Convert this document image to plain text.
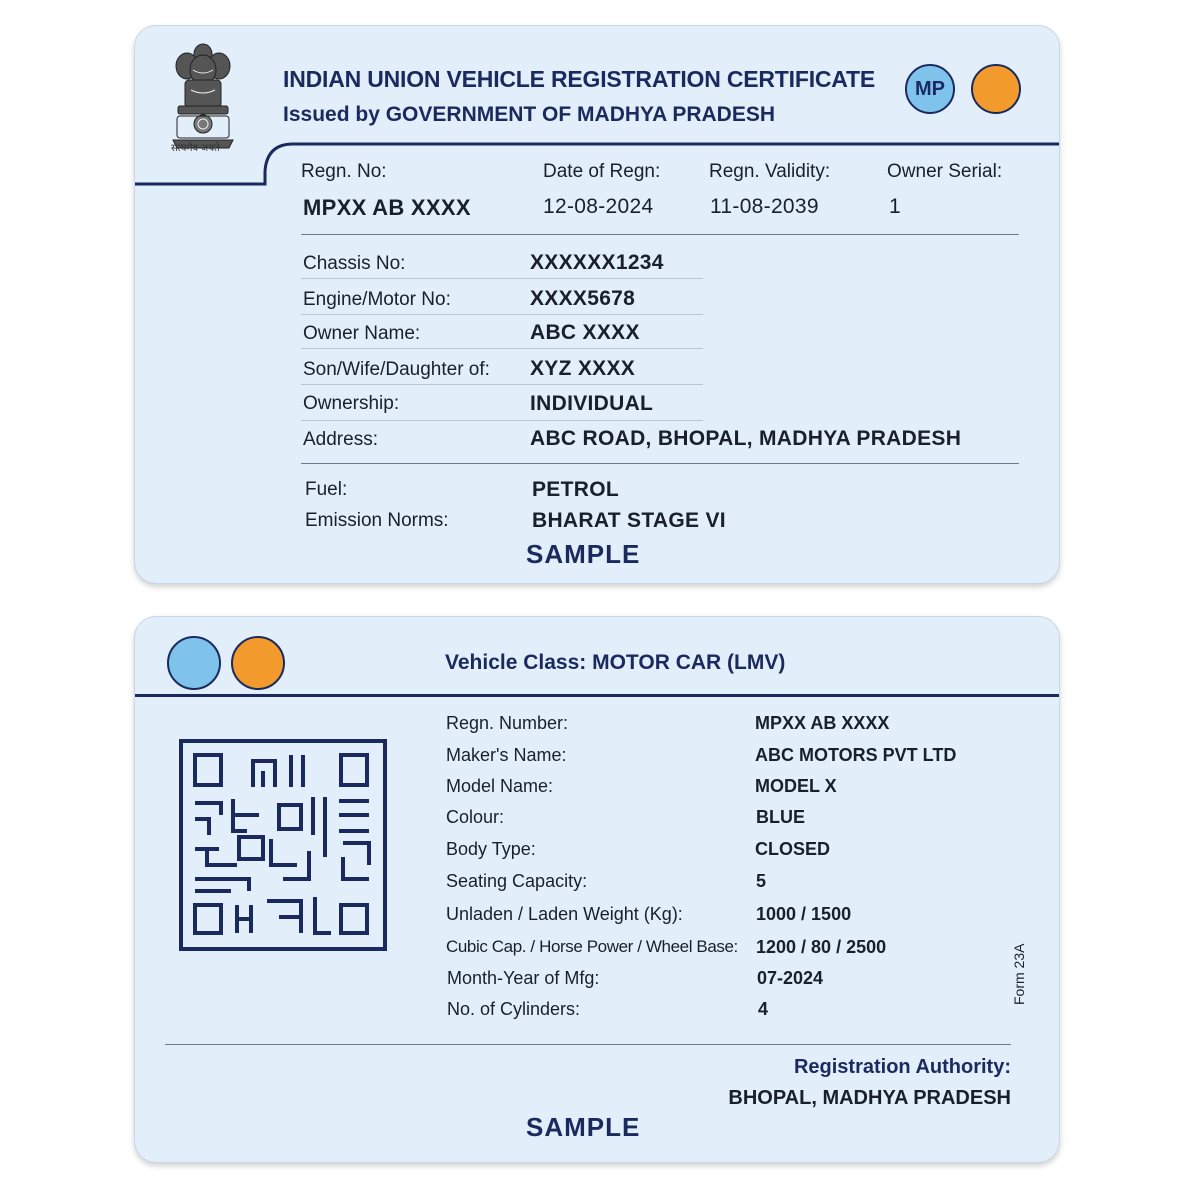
सत्यमेव जयते
INDIAN UNION VEHICLE REGISTRATION CERTIFICATE
Issued by GOVERNMENT OF MADHYA PRADESH
MP
Regn. No:
MPXX AB XXXX
Date of Regn:
12-08-2024
Regn. Validity:
11-08-2039
Owner Serial:
1
Chassis No:	XXXXXX1234
Engine/Motor No:	XXXX5678
Owner Name:	ABC XXXX
Son/Wife/Daughter of: XYZ XXXX
Ownership:	INDIVIDUAL
Address:	ABC ROAD, BHOPAL, MADHYA PRADESH
Fuel:	PETROL
Emission Norms:	BHARAT STAGE VI
SAMPLE
Vehicle Class: MOTOR CAR (LMV)
Regn. Number:	MPXX AB XXXX
Maker's Name:	ABC MOTORS PVT LTD
Model Name:	MODEL X
Colour:	BLUE
Body Type:	CLOSED
Seating Capacity:	5
Unladen / Laden Weight (Kg):	1000 / 1500
Cubic Cap. / Horse Power / Wheel Base: 1200 / 80 / 2500
Month-Year of Mfg:	07-2024
No. of Cylinders:	4
Form 23A
Registration Authority:
BHOPAL, MADHYA PRADESH
SAMPLE
